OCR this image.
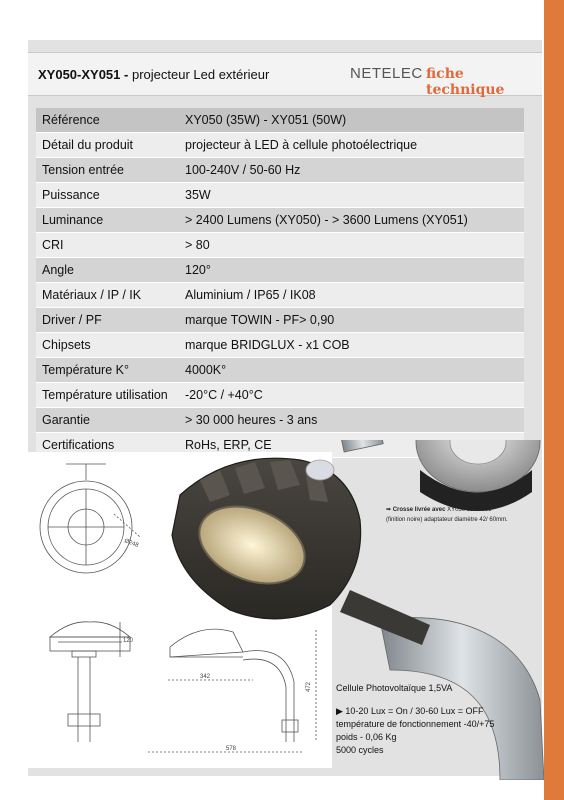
XY050-XY051 - projecteur Led extérieur	NETELEC fiche technique
Référence	XY050 (35W) - XY051 (50W)
Détail du produit	projecteur à LED à cellule photoélectrique
Tension entrée	100-240V / 50-60 Hz
Puissance	35W
Luminance	> 2400 Lumens (XY050) - > 3600 Lumens (XY051)
CRI	> 80
Angle	120°
Matériaux / IP / IK	Aluminium / IP65 / IK08
Driver / PF	marque TOWIN - PF> 0,90
Chipsets	marque BRIDGLUX - x1 COB
Température K°	4000K°
Température utilisation	-20°C / +40°C
Garantie	> 30 000 heures - 3 ans
Certifications	RoHs, ERP, CE
Ø248
120
342
472
578
➡ Crosse livrée avec XY050 et XY051
(finition noire) adaptateur diamètre 42/ 60mm.
Cellule Photovoltaïque 1,5VA
▶ 10-20 Lux = On / 30-60 Lux = OFF
température de fonctionnement -40/+75
poids - 0,06 Kg
5000 cycles
